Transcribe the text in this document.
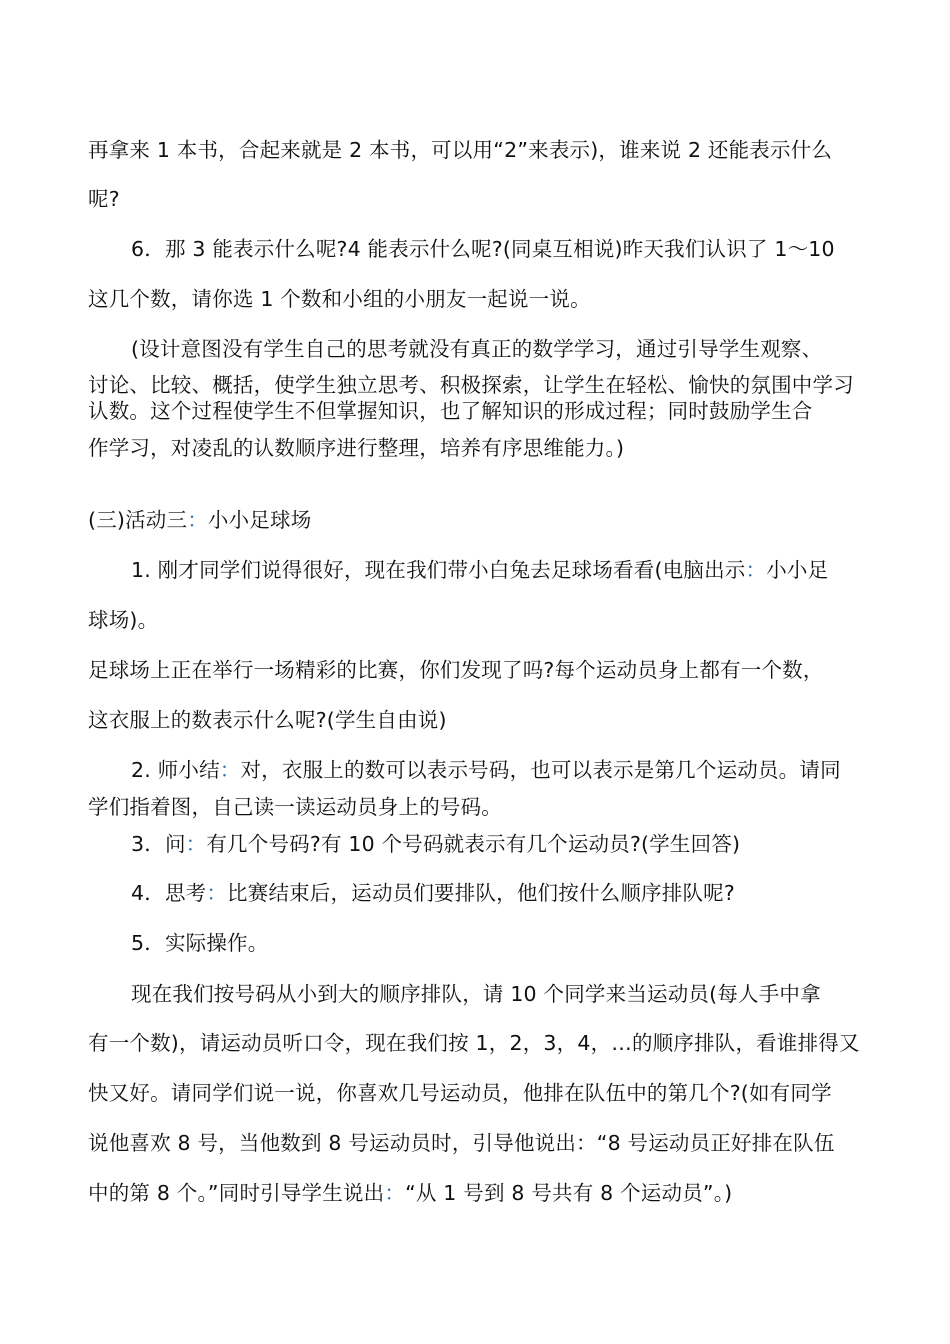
再拿来 1 本书，合起来就是 2 本书，可以用“2”来表示)，谁来说 2 还能表示什么
呢?
6．那 3 能表示什么呢?4 能表示什么呢?(同桌互相说)昨天我们认识了 1～10
这几个数，请你选 1 个数和小组的小朋友一起说一说。
(设计意图没有学生自己的思考就没有真正的数学学习，通过引导学生观察、
讨论、比较、概括，使学生独立思考、积极探索，让学生在轻松、愉快的氛围中学习
认数。这个过程使学生不但掌握知识，也了解知识的形成过程；同时鼓励学生合
作学习，对凌乱的认数顺序进行整理，培养有序思维能力。)
(三)活动三：小小足球场
1. 刚才同学们说得很好，现在我们带小白兔去足球场看看(电脑出示：小小足
球场)。
足球场上正在举行一场精彩的比赛，你们发现了吗?每个运动员身上都有一个数，
这衣服上的数表示什么呢?(学生自由说)
2. 师小结：对，衣服上的数可以表示号码，也可以表示是第几个运动员。请同
学们指着图，自己读一读运动员身上的号码。
3．问：有几个号码?有 10 个号码就表示有几个运动员?(学生回答)
4．思考：比赛结束后，运动员们要排队，他们按什么顺序排队呢?
5．实际操作。
现在我们按号码从小到大的顺序排队，请 10 个同学来当运动员(每人手中拿
有一个数)，请运动员听口令，现在我们按 1，2，3，4，…的顺序排队，看谁排得又
快又好。请同学们说一说，你喜欢几号运动员，他排在队伍中的第几个?(如有同学
说他喜欢 8 号，当他数到 8 号运动员时，引导他说出：“8 号运动员正好排在队伍
中的第 8 个。”同时引导学生说出：“从 1 号到 8 号共有 8 个运动员”。)
